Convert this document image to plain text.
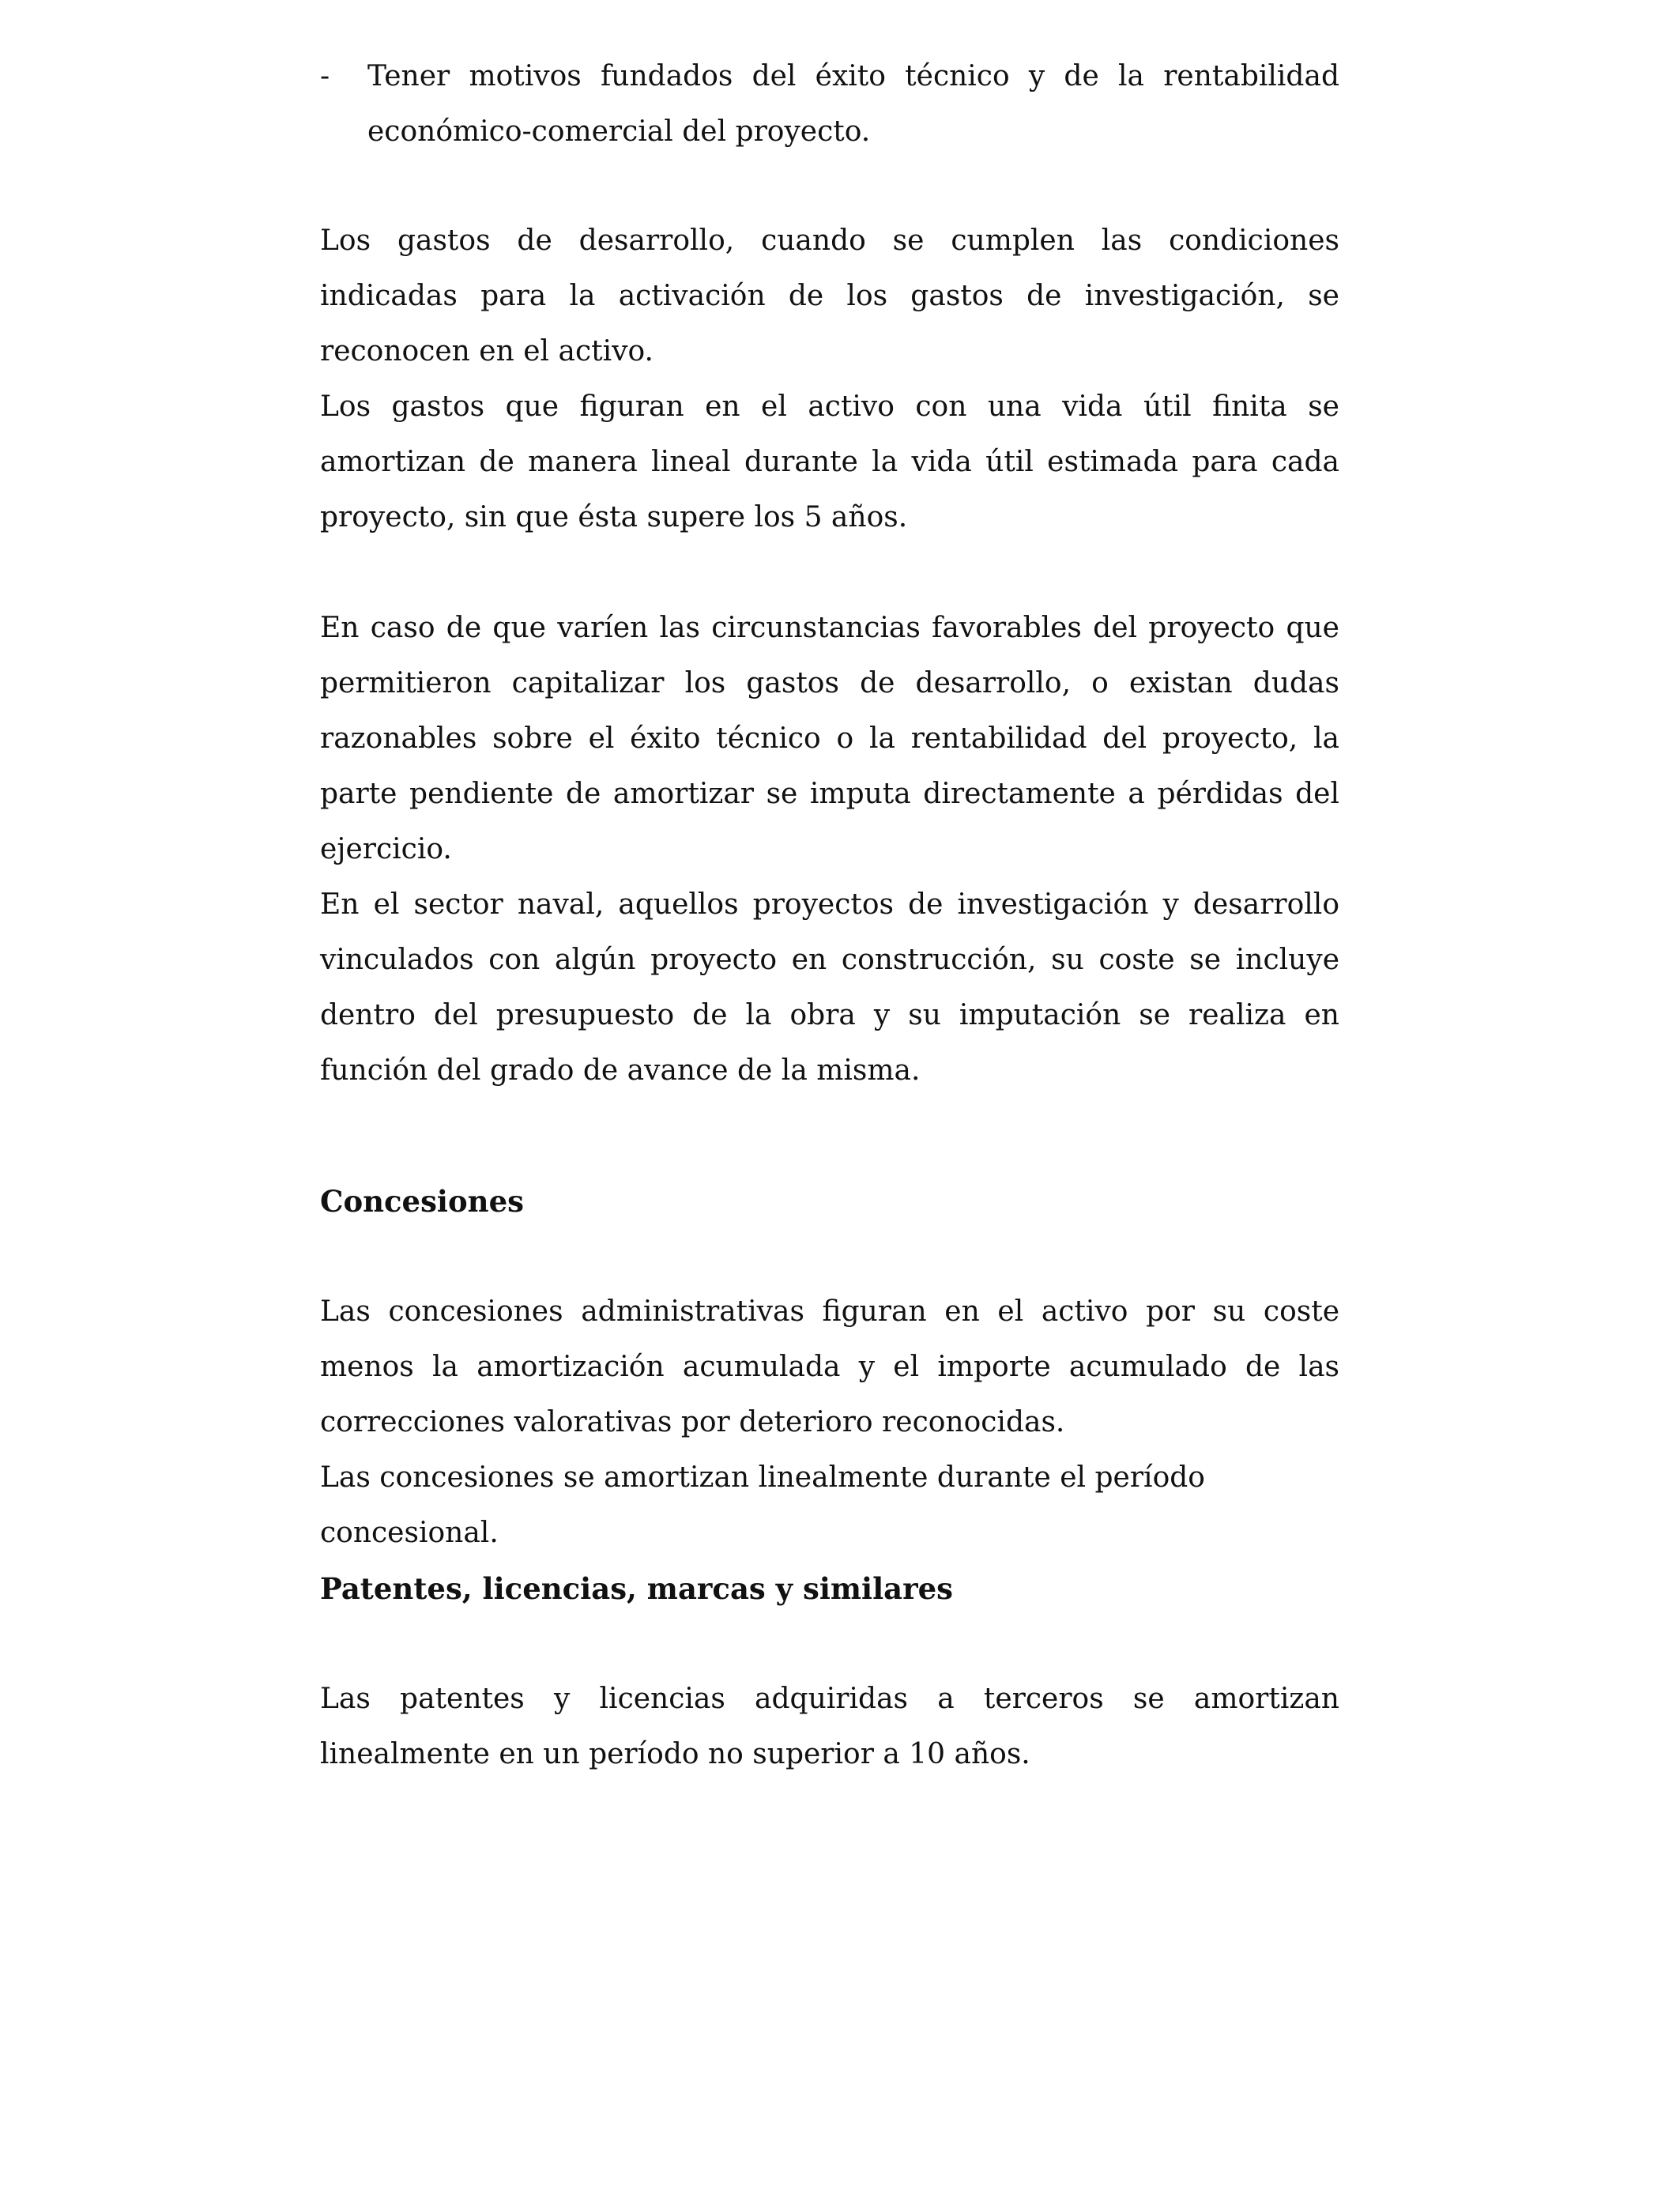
- Tener motivos fundados del éxito técnico y de la rentabilidad económico-comercial del proyecto.

Los gastos de desarrollo, cuando se cumplen las condiciones indicadas para la activación de los gastos de investigación, se reconocen en el activo.

Los gastos que figuran en el activo con una vida útil finita se amortizan de manera lineal durante la vida útil estimada para cada proyecto, sin que ésta supere los 5 años.

En caso de que varíen las circunstancias favorables del proyecto que permitieron capitalizar los gastos de desarrollo, o existan dudas razonables sobre el éxito técnico o la rentabilidad del proyecto, la parte pendiente de amortizar se imputa directamente a pérdidas del ejercicio.

En el sector naval, aquellos proyectos de investigación y desarrollo vinculados con algún proyecto en construcción, su coste se incluye dentro del presupuesto de la obra y su imputación se realiza en función del grado de avance de la misma.

Concesiones

Las concesiones administrativas figuran en el activo por su coste menos la amortización acumulada y el importe acumulado de las correcciones valorativas por deterioro reconocidas.

Las concesiones se amortizan linealmente durante el período concesional.

Patentes, licencias, marcas y similares

Las patentes y licencias adquiridas a terceros se amortizan linealmente en un período no superior a 10 años.
